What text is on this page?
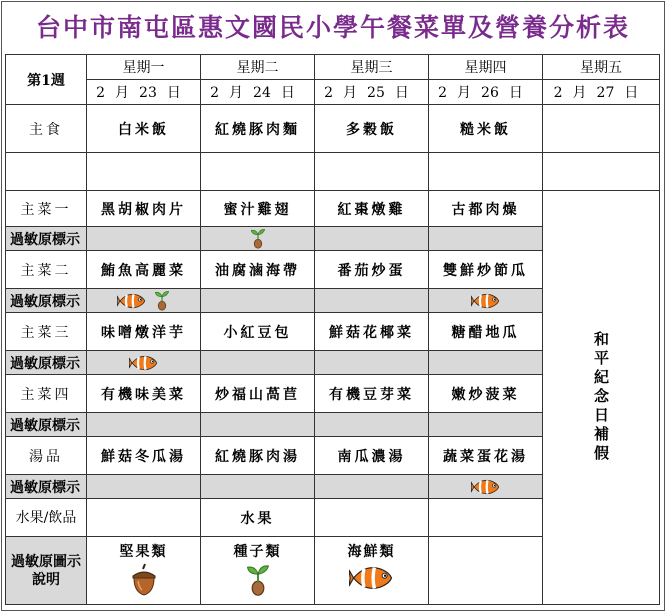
台中市南屯區惠文國民小學午餐菜單及營養分析表
第1週	星期一	星期二	星期三	星期四	星期五	
	2 月 23 日	2 月 24 日	2 月 25 日	2 月 26 日	2 月 27 日	
主食	白米飯	紅燒豚肉麵	多穀飯	糙米飯		

主菜一	黑胡椒肉片	蜜汁雞翅	紅棗燉雞	古都肉燥	和平紀念日補假	

過敏原標示		

主菜二	鮪魚高麗菜	油腐滷海帶	番茄炒蛋	雙鮮炒節瓜		
過敏原標示	

主菜三	味噌燉洋芋	小紅豆包	鮮菇花椰菜	糖醋地瓜		
過敏原標示	

主菜四	有機味美菜	炒福山萵苣	有機豆芽菜	嫩炒菠菜		
過敏原標示						
湯品	鮮菇冬瓜湯	紅燒豚肉湯	南瓜濃湯	蔬菜蛋花湯		
過敏原標示				

水果/飲品		水果				
過敏原圖示說明	堅果類	種子類	海鮮類			
